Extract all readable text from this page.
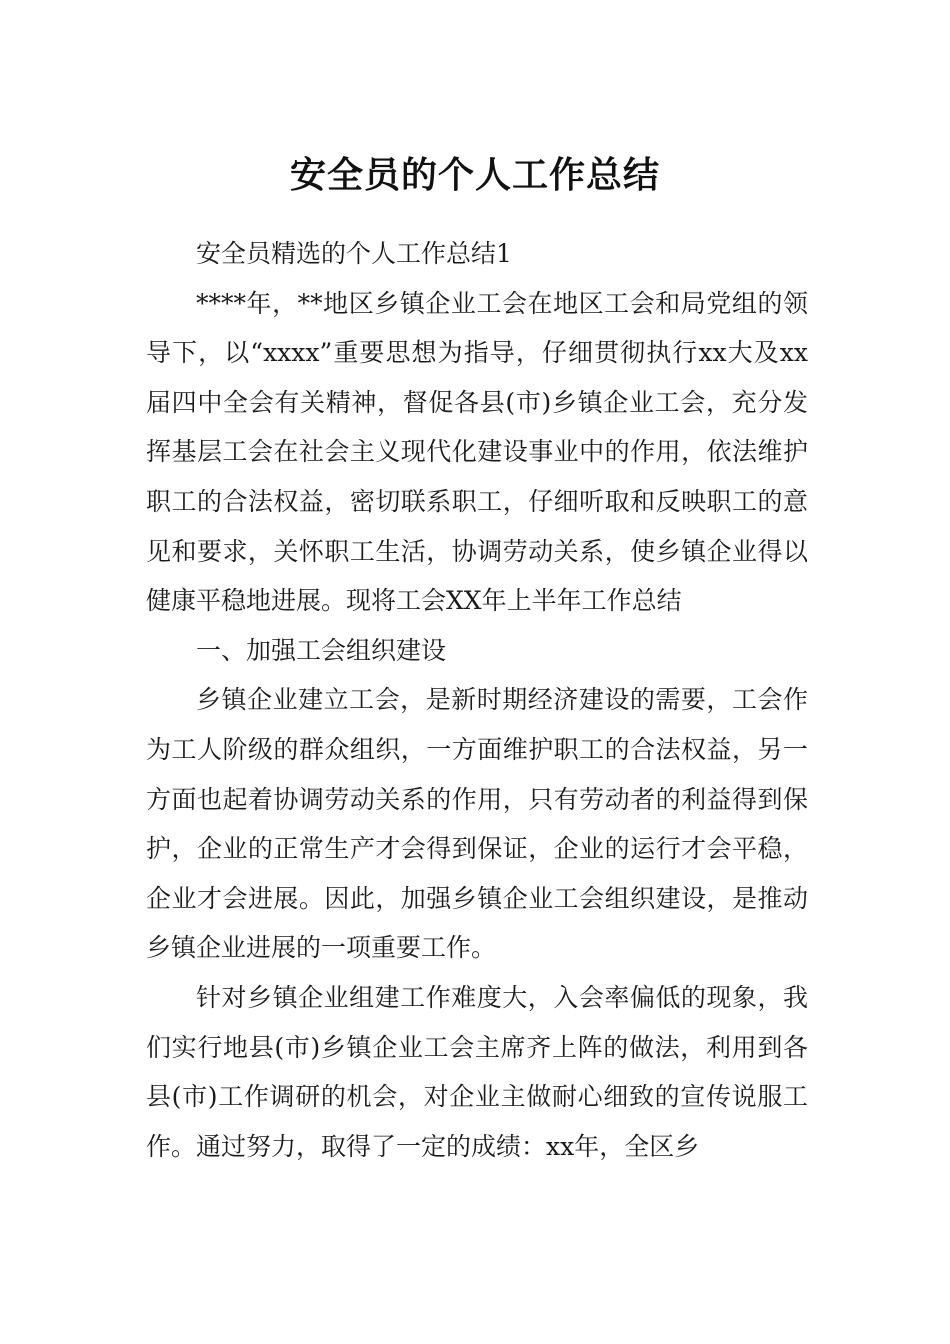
安全员的个人工作总结

安全员精选的个人工作总结1

****年，**地区乡镇企业工会在地区工会和局党组的领导下，以“xxxx”重要思想为指导，仔细贯彻执行xx大及xx届四中全会有关精神，督促各县(市)乡镇企业工会，充分发挥基层工会在社会主义现代化建设事业中的作用，依法维护职工的合法权益，密切联系职工，仔细听取和反映职工的意见和要求，关怀职工生活，协调劳动关系，使乡镇企业得以健康平稳地进展。现将工会XX年上半年工作总结

一、加强工会组织建设

乡镇企业建立工会，是新时期经济建设的需要，工会作为工人阶级的群众组织，一方面维护职工的合法权益，另一方面也起着协调劳动关系的作用，只有劳动者的利益得到保护，企业的正常生产才会得到保证，企业的运行才会平稳，企业才会进展。因此，加强乡镇企业工会组织建设，是推动乡镇企业进展的一项重要工作。

针对乡镇企业组建工作难度大，入会率偏低的现象，我们实行地县(市)乡镇企业工会主席齐上阵的做法，利用到各县(市)工作调研的机会，对企业主做耐心细致的宣传说服工作。通过努力，取得了一定的成绩：xx年，全区乡
